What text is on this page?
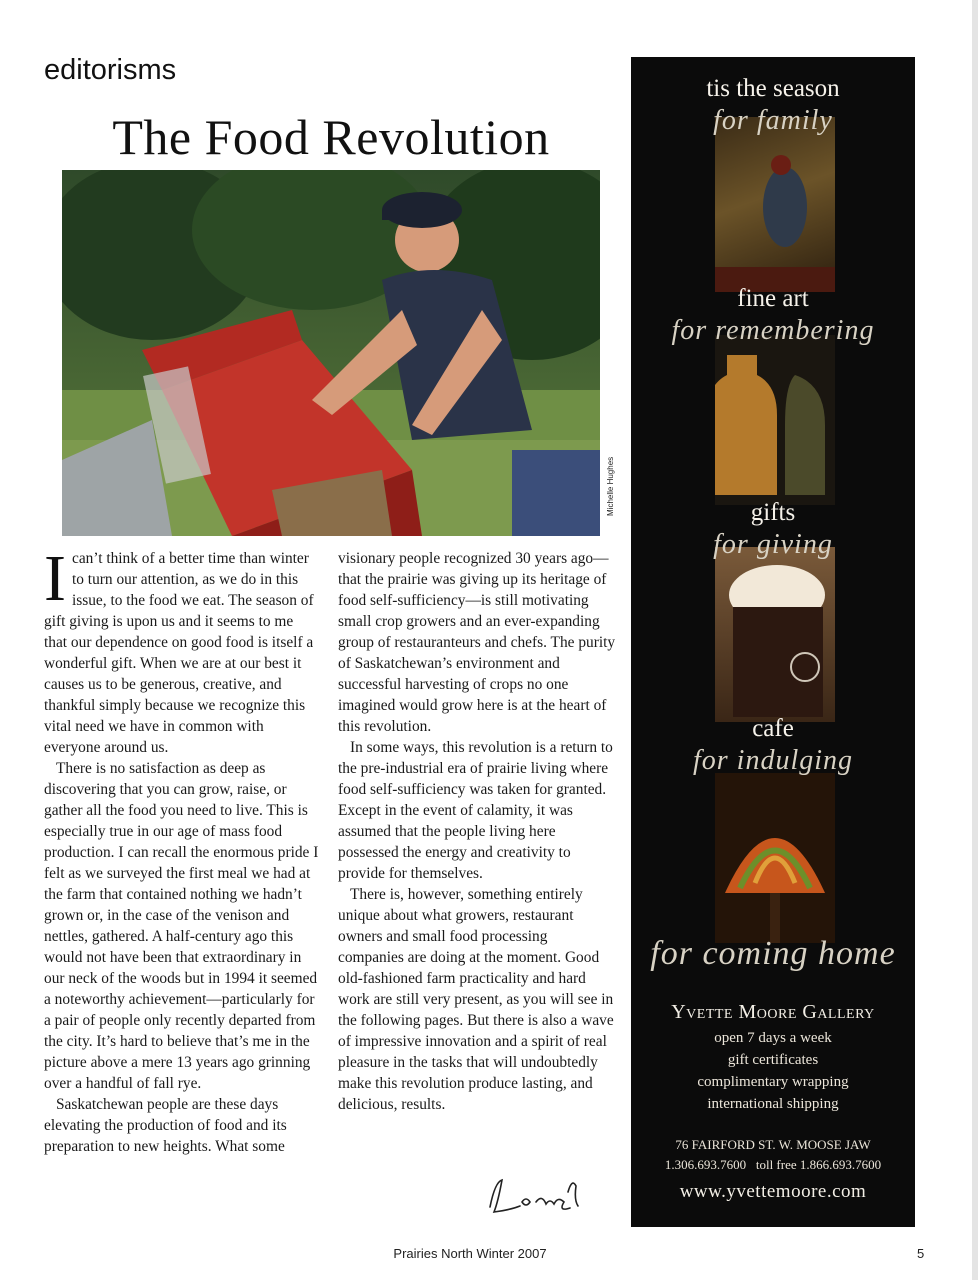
editorisms
The Food Revolution
Michelle Hughes

Ican’t think of a better time than winter to turn our attention, as we do in this issue, to the food we eat. The season of gift giving is upon us and it seems to me that our dependence on good food is itself a wonderful gift. When we are at our best it causes us to be generous, creative, and thankful simply because we recognize this vital need we have in common with everyone around us.

There is no satisfaction as deep as discovering that you can grow, raise, or gather all the food you need to live. This is especially true in our age of mass food production. I can recall the enormous pride I felt as we surveyed the first meal we had at the farm that contained nothing we hadn’t grown or, in the case of the venison and nettles, gathered. A half-century ago this would not have been that extraordinary in our neck of the woods but in 1994 it seemed a noteworthy achievement—particularly for a pair of people only recently departed from the city. It’s hard to believe that’s me in the picture above a mere 13 years ago grinning over a handful of fall rye.

Saskatchewan people are these days elevating the production of food and its preparation to new heights. What some

visionary people recognized 30 years ago—that the prairie was giving up its heritage of food self-sufficiency—is still motivating small crop growers and an ever-expanding group of restauranteurs and chefs. The purity of Saskatchewan’s environment and successful harvesting of crops no one imagined would grow here is at the heart of this revolution.

In some ways, this revolution is a return to the pre-industrial era of prairie living where food self-sufficiency was taken for granted. Except in the event of calamity, it was assumed that the people living here possessed the energy and creativity to provide for themselves.

There is, however, something entirely unique about what growers, restaurant owners and small food processing companies are doing at the moment. Good old-fashioned farm practicality and hard work are still very present, as you will see in the following pages. But there is also a wave of impressive innovation and a spirit of real pleasure in the tasks that will undoubtedly make this revolution produce lasting, and delicious, results.

Prairies North Winter 2007	5
tis the season
for family
fine art
for remembering
gifts
for giving
cafe
for indulging
for coming home
Yvette Moore Gallery
open 7 days a week
gift certificates
complimentary wrapping
international shipping
76 FAIRFORD ST. W. MOOSE JAW
1.306.693.7600   toll free 1.866.693.7600
www.yvettemoore.com
